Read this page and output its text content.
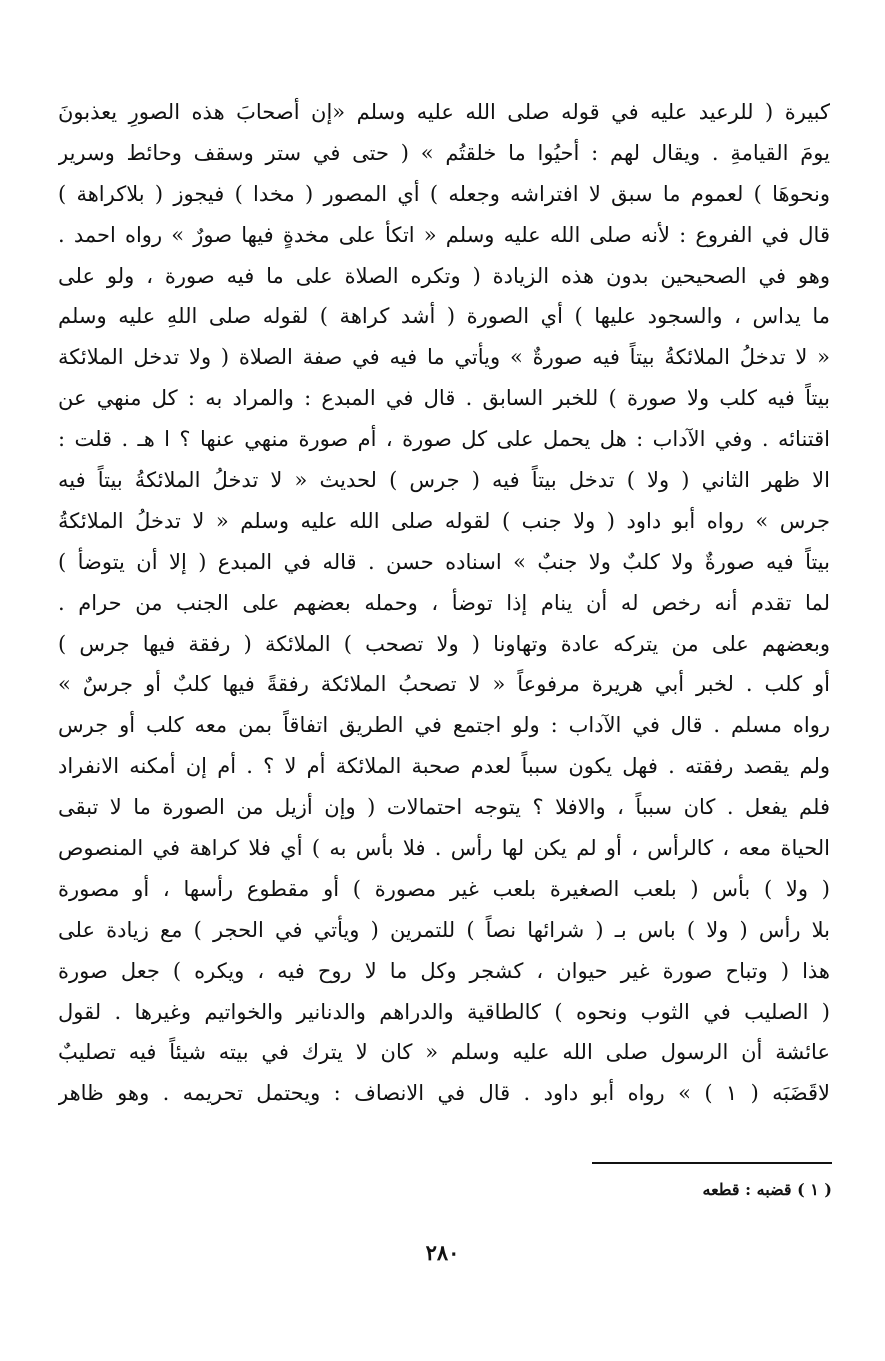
كبيرة ( للرعيد عليه في قوله صلى الله عليه وسلم «إن أصحابَ هذه الصورِ يعذبونَ
يومَ القيامةِ . ويقال لهم : أحيُوا ما خلقتُم » ( حتى في ستر وسقف وحائط وسرير
ونحوهَا ) لعموم ما سبق لا افتراشه وجعله ) أي المصور ( مخدا ) فيجوز ( بلاكراهة )
قال في الفروع : لأنه صلى الله عليه وسلم « اتكأ على مخدةٍ فيها صورٌ » رواه احمد .
وهو في الصحيحين بدون هذه الزيادة ( وتكره الصلاة على ما فيه صورة ، ولو على
ما يداس ، والسجود عليها ) أي الصورة ( أشد كراهة ) لقوله صلى اللهِ عليه وسلم
« لا تدخلُ الملائكةُ بيتاً فيه صورةٌ » ويأتي ما فيه في صفة الصلاة ( ولا تدخل الملائكة
بيتاً فيه كلب ولا صورة ) للخبر السابق . قال في المبدع : والمراد به : كل منهي عن
اقتنائه . وفي الآداب : هل يحمل على كل صورة ، أم صورة منهي عنها ؟ ا هـ . قلت :
الا ظهر الثاني ( ولا ) تدخل بيتاً فيه ( جرس ) لحديث « لا تدخلُ الملائكةُ بيتاً فيه
جرس » رواه أبو داود ( ولا جنب ) لقوله صلى الله عليه وسلم « لا تدخلُ الملائكةُ
بيتاً فيه صورةٌ ولا كلبٌ ولا جنبٌ » اسناده حسن . قاله في المبدع ( إلا أن يتوضأ )
لما تقدم أنه رخص له أن ينام إذا توضأ ، وحمله بعضهم على الجنب من حرام .
وبعضهم على من يتركه عادة وتهاونا ( ولا تصحب ) الملائكة ( رفقة فيها جرس )
أو كلب . لخبر أبي هريرة مرفوعاً « لا تصحبُ الملائكة رفقةً فيها كلبٌ أو جرسٌ »
رواه مسلم . قال في الآداب : ولو اجتمع في الطريق اتفاقاً بمن معه كلب أو جرس
ولم يقصد رفقته . فهل يكون سبباً لعدم صحبة الملائكة أم لا ؟ . أم إن أمكنه الانفراد
فلم يفعل . كان سبباً ، والافلا ؟ يتوجه احتمالات ( وإن أزيل من الصورة ما لا تبقى
الحياة معه ، كالرأس ، أو لم يكن لها رأس . فلا بأس به ) أي فلا كراهة في المنصوص
( ولا ) بأس ( بلعب الصغيرة بلعب غير مصورة ) أو مقطوع رأسها ، أو مصورة
بلا رأس ( ولا ) باس بـ ( شرائها نصاً ) للتمرين ( ويأتي في الحجر ) مع زيادة على
هذا ( وتباح صورة غير حيوان ، كشجر وكل ما لا روح فيه ، ويكره ) جعل صورة
( الصليب في الثوب ونحوه ) كالطاقية والدراهم والدنانير والخواتيم وغيرها . لقول
عائشة أن الرسول صلى الله عليه وسلم « كان لا يترك في بيته شيئاً فيه تصليبٌ
لاقَضَبَه ( ١ ) » رواه أبو داود . قال في الانصاف : ويحتمل تحريمه . وهو ظاهر
( ١ ) قضبه : قطعه
٢٨٠
